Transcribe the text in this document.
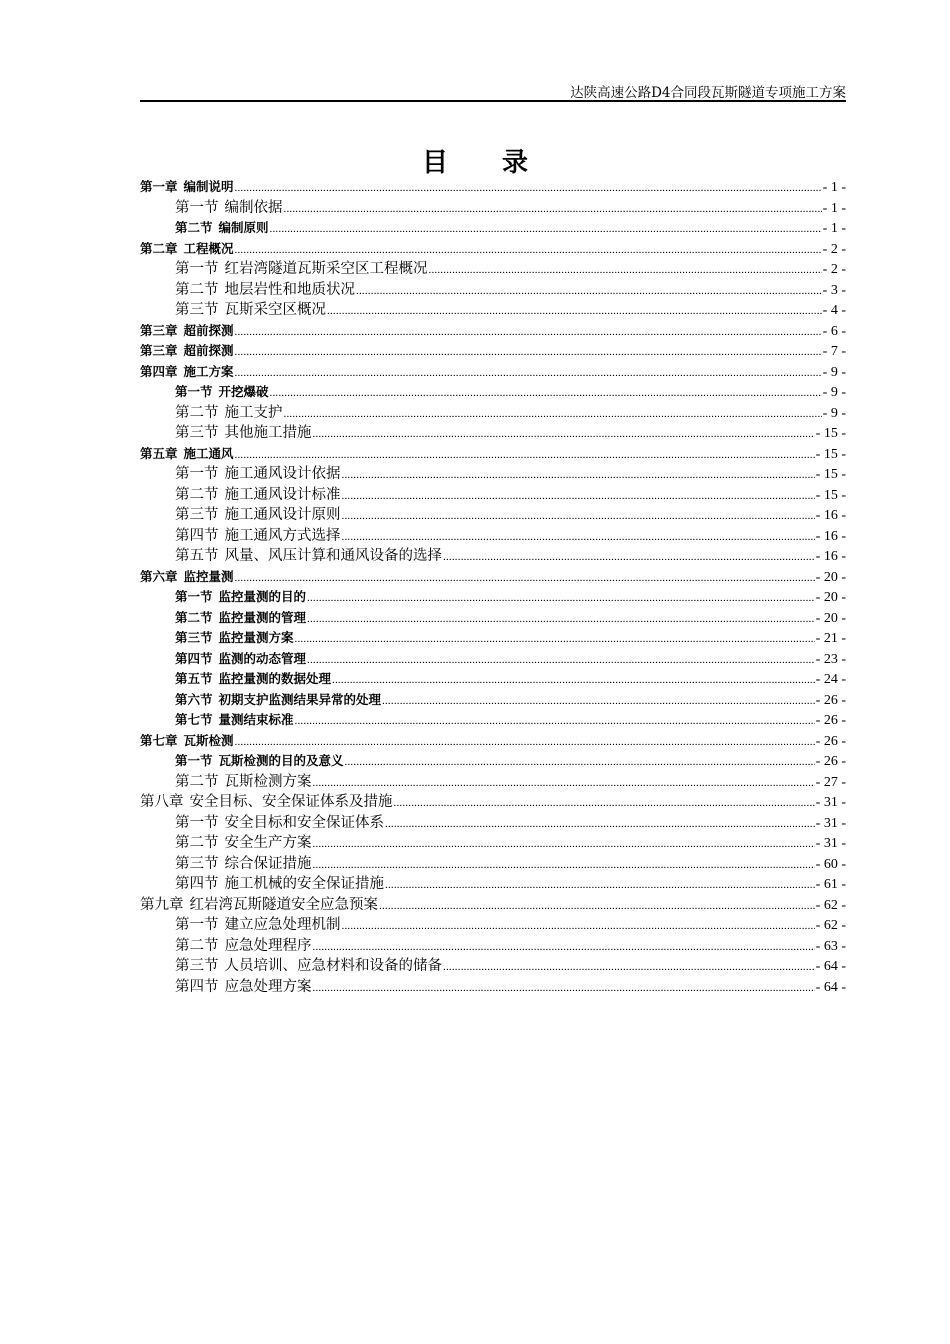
达陕高速公路D4合同段瓦斯隧道专项施工方案
目 录
第一章 编制说明 .....	- 1 -
第一节 编制依据 .....	- 1 -
第二节 编制原则 .....	- 1 -
第二章 工程概况 .....	- 2 -
第一节 红岩湾隧道瓦斯采空区工程概况 .....	- 2 -
第二节 地层岩性和地质状况 .....	- 3 -
第三节 瓦斯采空区概况 .....	- 4 -
第三章 超前探测 .....	- 6 -
第三章 超前探测 .....	- 7 -
第四章 施工方案 .....	- 9 -
第一节 开挖爆破 .....	- 9 -
第二节 施工支护 .....	- 9 -
第三节 其他施工措施 .....	- 15 -
第五章 施工通风 .....	- 15 -
第一节 施工通风设计依据 .....	- 15 -
第二节 施工通风设计标准 .....	- 15 -
第三节 施工通风设计原则 .....	- 16 -
第四节 施工通风方式选择 .....	- 16 -
第五节 风量、风压计算和通风设备的选择 .....	- 16 -
第六章 监控量测 .....	- 20 -
第一节 监控量测的目的 .....	- 20 -
第二节 监控量测的管理 .....	- 20 -
第三节 监控量测方案 .....	- 21 -
第四节 监测的动态管理 .....	- 23 -
第五节 监控量测的数据处理 .....	- 24 -
第六节 初期支护监测结果异常的处理 .....	- 26 -
第七节 量测结束标准 .....	- 26 -
第七章 瓦斯检测 .....	- 26 -
第一节 瓦斯检测的目的及意义 .....	- 26 -
第二节 瓦斯检测方案 .....	- 27 -
第八章 安全目标、安全保证体系及措施 .....	- 31 -
第一节 安全目标和安全保证体系 .....	- 31 -
第二节 安全生产方案 .....	- 31 -
第三节 综合保证措施 .....	- 60 -
第四节 施工机械的安全保证措施 .....	- 61 -
第九章 红岩湾瓦斯隧道安全应急预案 .....	- 62 -
第一节 建立应急处理机制 .....	- 62 -
第二节 应急处理程序 .....	- 63 -
第三节 人员培训、应急材料和设备的储备 .....	- 64 -
第四节 应急处理方案 .....	- 64 -
